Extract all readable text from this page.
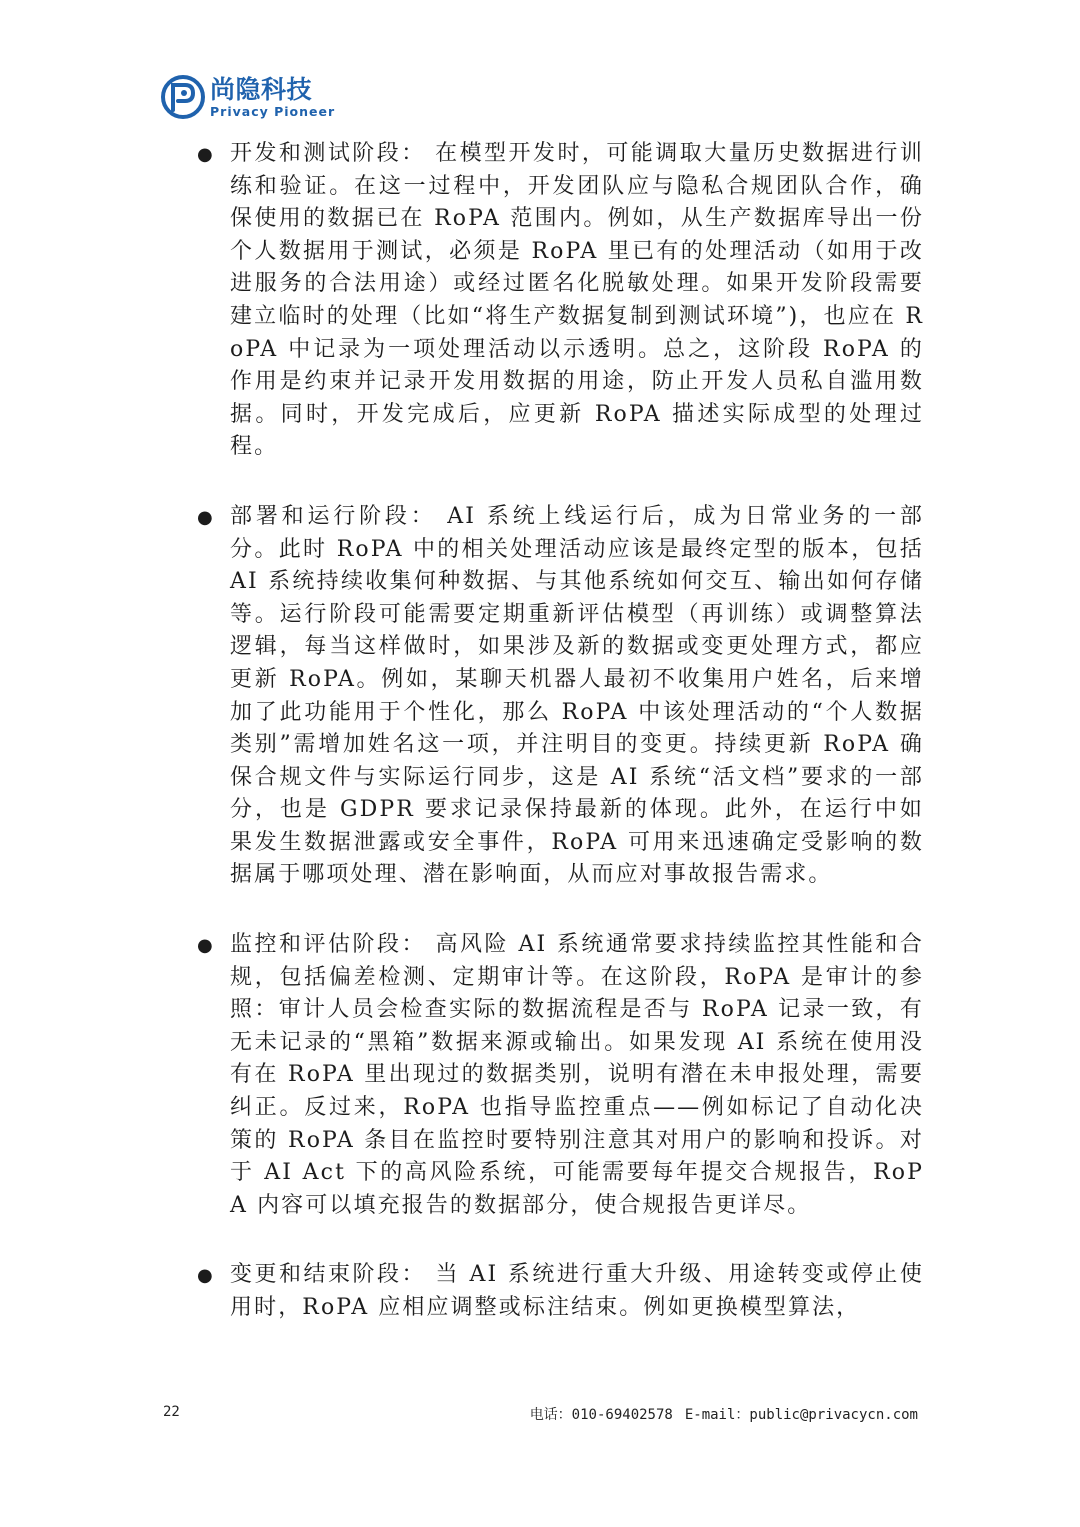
尚隐科技
Privacy Pioneer
● 开发和测试阶段： 在模型开发时，可能调取大量历史数据进行训练和验证。在这一过程中，开发团队应与隐私合规团队合作，确保使用的数据已在 RoPA 范围内。例如，从生产数据库导出一份个人数据用于测试，必须是 RoPA 里已有的处理活动（如用于改进服务的合法用途）或经过匿名化脱敏处理。如果开发阶段需要建立临时的处理（比如“将生产数据复制到测试环境”)，也应在 RoPA 中记录为一项处理活动以示透明。总之，这阶段 RoPA 的作用是约束并记录开发用数据的用途，防止开发人员私自滥用数据。同时，开发完成后，应更新 RoPA 描述实际成型的处理过程。
● 部署和运行阶段： AI 系统上线运行后，成为日常业务的一部分。此时 RoPA 中的相关处理活动应该是最终定型的版本，包括 AI 系统持续收集何种数据、与其他系统如何交互、输出如何存储等。运行阶段可能需要定期重新评估模型（再训练）或调整算法逻辑，每当这样做时，如果涉及新的数据或变更处理方式，都应更新 RoPA。例如，某聊天机器人最初不收集用户姓名，后来增加了此功能用于个性化，那么 RoPA 中该处理活动的“个人数据类别”需增加姓名这一项，并注明目的变更。持续更新 RoPA 确保合规文件与实际运行同步，这是 AI 系统“活文档”要求的一部分，也是 GDPR 要求记录保持最新的体现。此外，在运行中如果发生数据泄露或安全事件，RoPA 可用来迅速确定受影响的数据属于哪项处理、潜在影响面，从而应对事故报告需求。
● 监控和评估阶段： 高风险 AI 系统通常要求持续监控其性能和合规，包括偏差检测、定期审计等。在这阶段，RoPA 是审计的参照：审计人员会检查实际的数据流程是否与 RoPA 记录一致，有无未记录的“黑箱”数据来源或输出。如果发现 AI 系统在使用没有在 RoPA 里出现过的数据类别，说明有潜在未申报处理，需要纠正。反过来，RoPA 也指导监控重点——例如标记了自动化决策的 RoPA 条目在监控时要特别注意其对用户的影响和投诉。对于 AI Act 下的高风险系统，可能需要每年提交合规报告，RoPA 内容可以填充报告的数据部分，使合规报告更详尽。
● 变更和结束阶段： 当 AI 系统进行重大升级、用途转变或停止使用时，RoPA 应相应调整或标注结束。例如更换模型算法，
22	电话：010-69402578 E-mail：public@privacycn.com
